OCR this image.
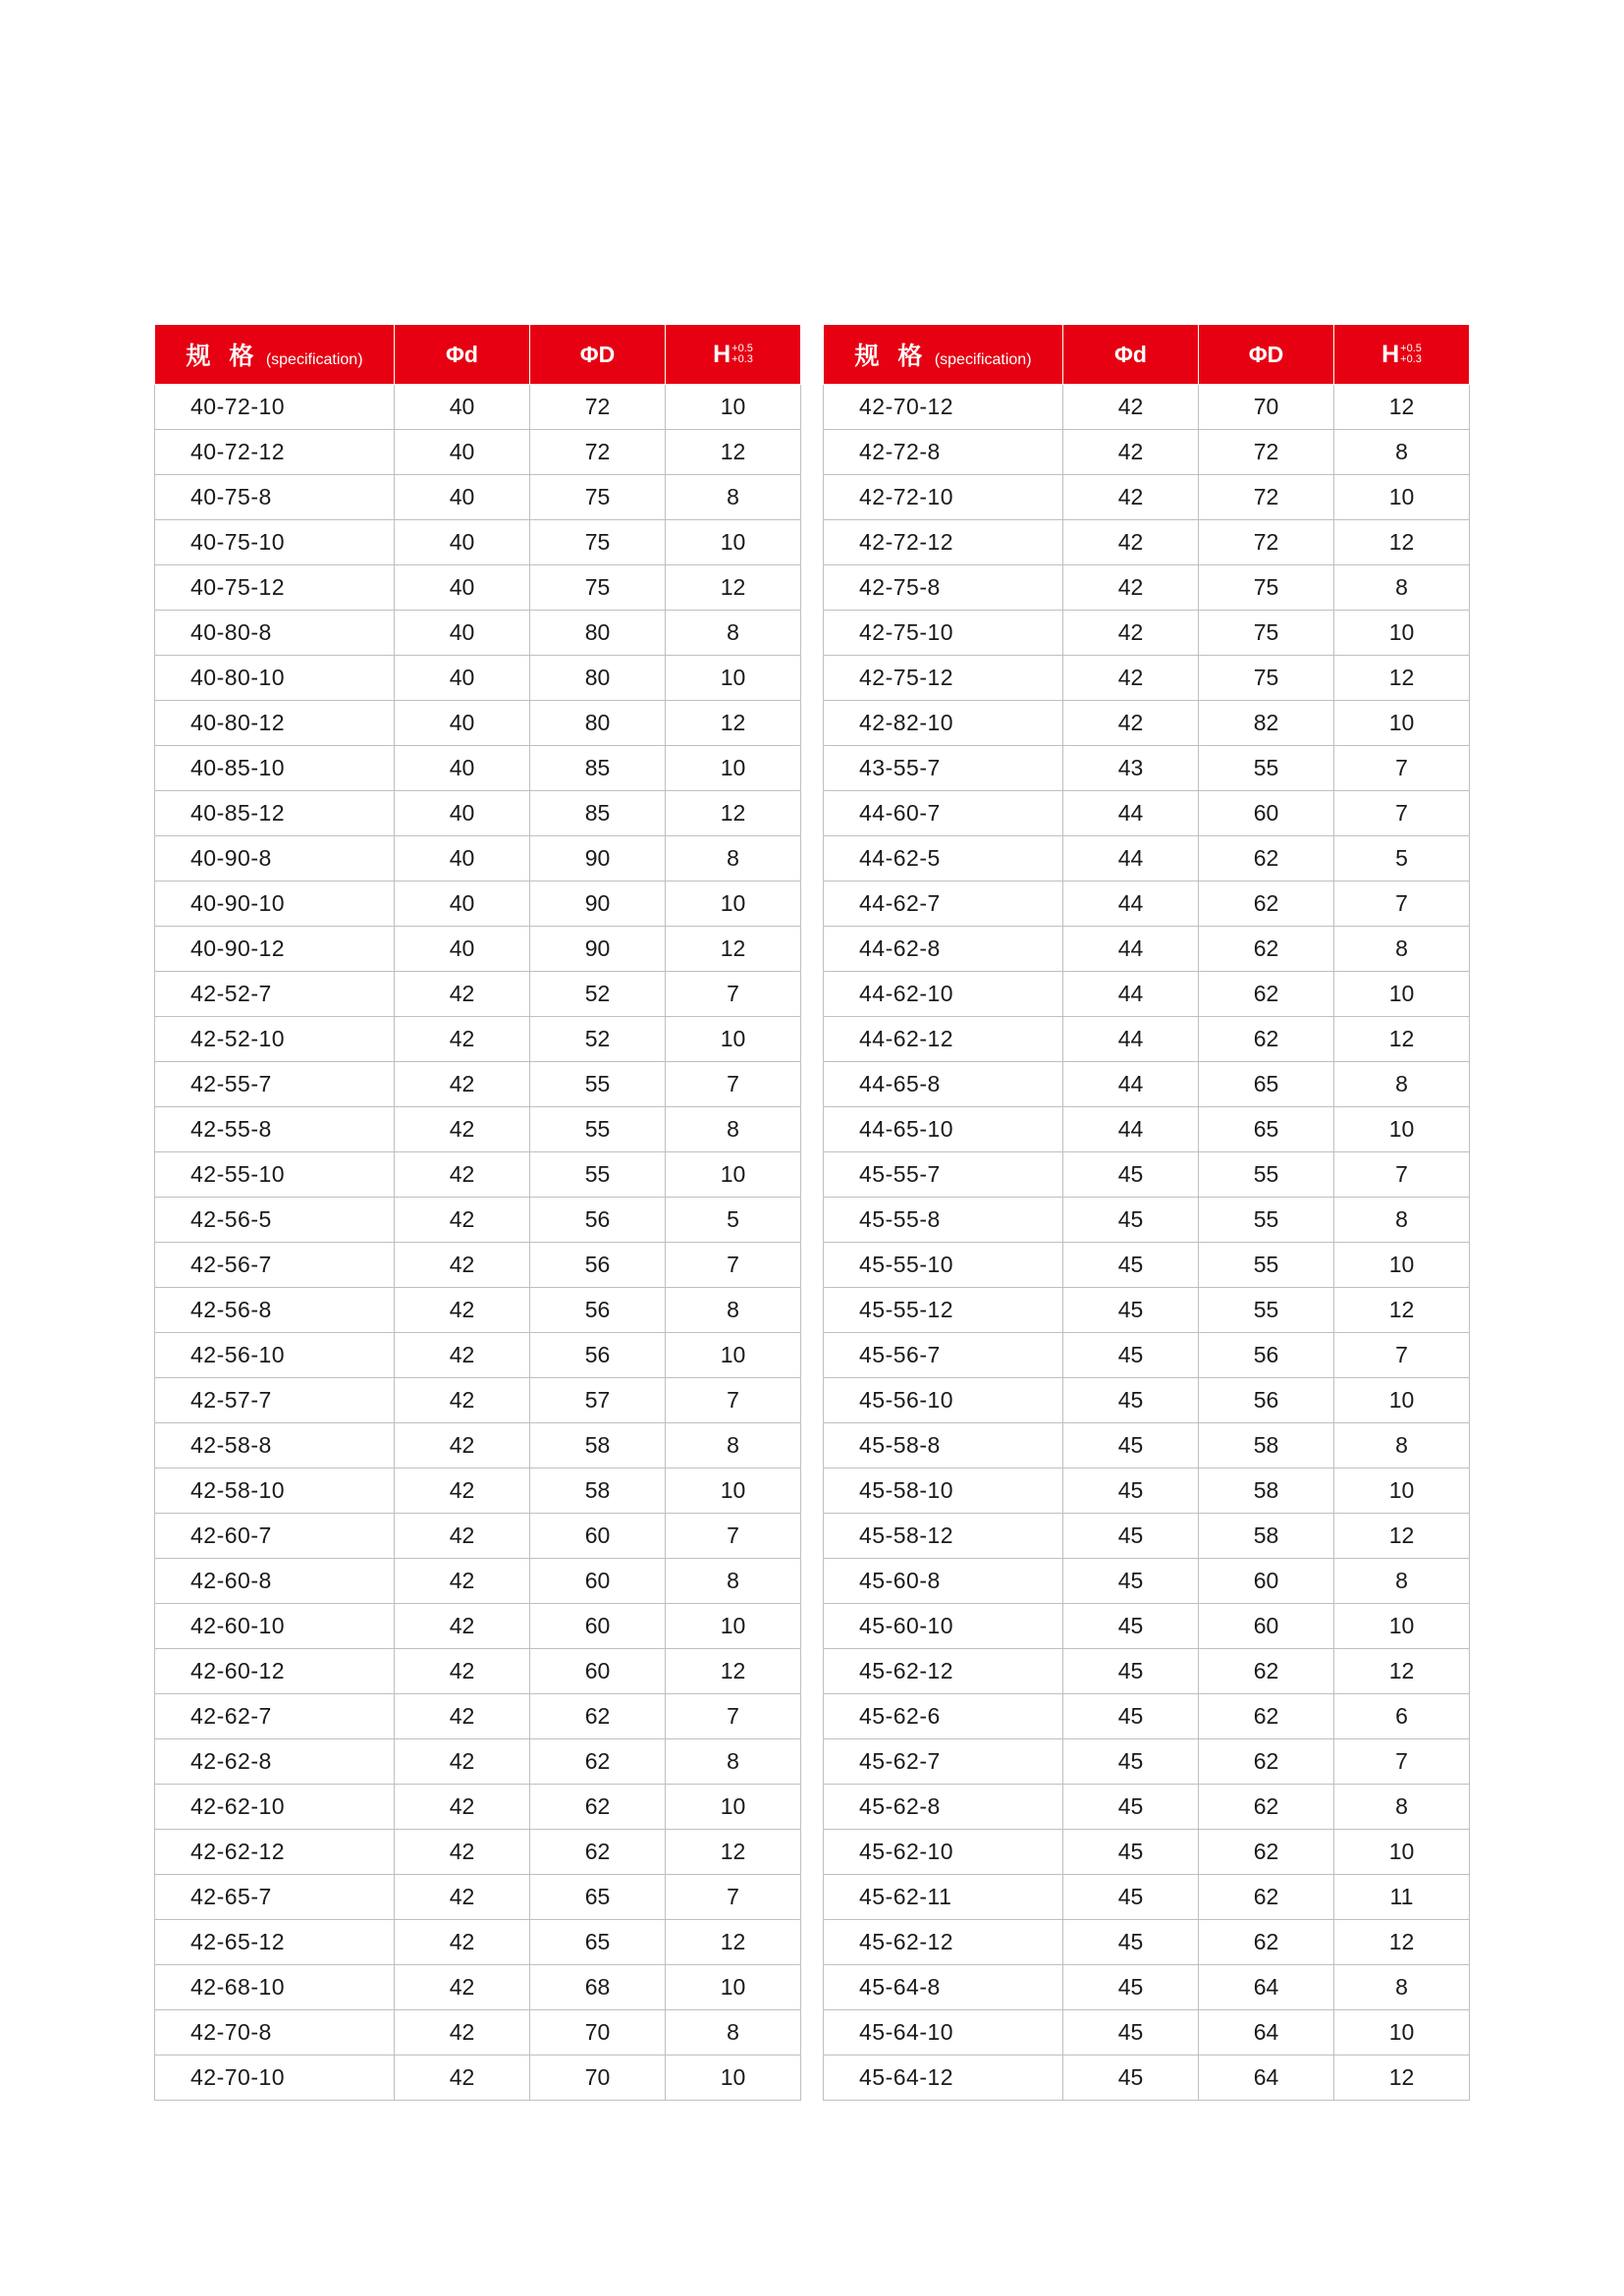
规 格 (specification)	Φd	ΦD	H +0.5
+0.3

40-72-10	40	72	10
40-72-12	40	72	12
40-75-8	40	75	8
40-75-10	40	75	10
40-75-12	40	75	12
40-80-8	40	80	8
40-80-10	40	80	10
40-80-12	40	80	12
40-85-10	40	85	10
40-85-12	40	85	12
40-90-8	40	90	8
40-90-10	40	90	10
40-90-12	40	90	12
42-52-7	42	52	7
42-52-10	42	52	10
42-55-7	42	55	7
42-55-8	42	55	8
42-55-10	42	55	10
42-56-5	42	56	5
42-56-7	42	56	7
42-56-8	42	56	8
42-56-10	42	56	10
42-57-7	42	57	7
42-58-8	42	58	8
42-58-10	42	58	10
42-60-7	42	60	7
42-60-8	42	60	8
42-60-10	42	60	10
42-60-12	42	60	12
42-62-7	42	62	7
42-62-8	42	62	8
42-62-10	42	62	10
42-62-12	42	62	12
42-65-7	42	65	7
42-65-12	42	65	12
42-68-10	42	68	10
42-70-8	42	70	8
42-70-10	42	70	10
规 格 (specification)	Φd	ΦD	H +0.5
+0.3

42-70-12	42	70	12
42-72-8	42	72	8
42-72-10	42	72	10
42-72-12	42	72	12
42-75-8	42	75	8
42-75-10	42	75	10
42-75-12	42	75	12
42-82-10	42	82	10
43-55-7	43	55	7
44-60-7	44	60	7
44-62-5	44	62	5
44-62-7	44	62	7
44-62-8	44	62	8
44-62-10	44	62	10
44-62-12	44	62	12
44-65-8	44	65	8
44-65-10	44	65	10
45-55-7	45	55	7
45-55-8	45	55	8
45-55-10	45	55	10
45-55-12	45	55	12
45-56-7	45	56	7
45-56-10	45	56	10
45-58-8	45	58	8
45-58-10	45	58	10
45-58-12	45	58	12
45-60-8	45	60	8
45-60-10	45	60	10
45-62-12	45	62	12
45-62-6	45	62	6
45-62-7	45	62	7
45-62-8	45	62	8
45-62-10	45	62	10
45-62-11	45	62	11
45-62-12	45	62	12
45-64-8	45	64	8
45-64-10	45	64	10
45-64-12	45	64	12
